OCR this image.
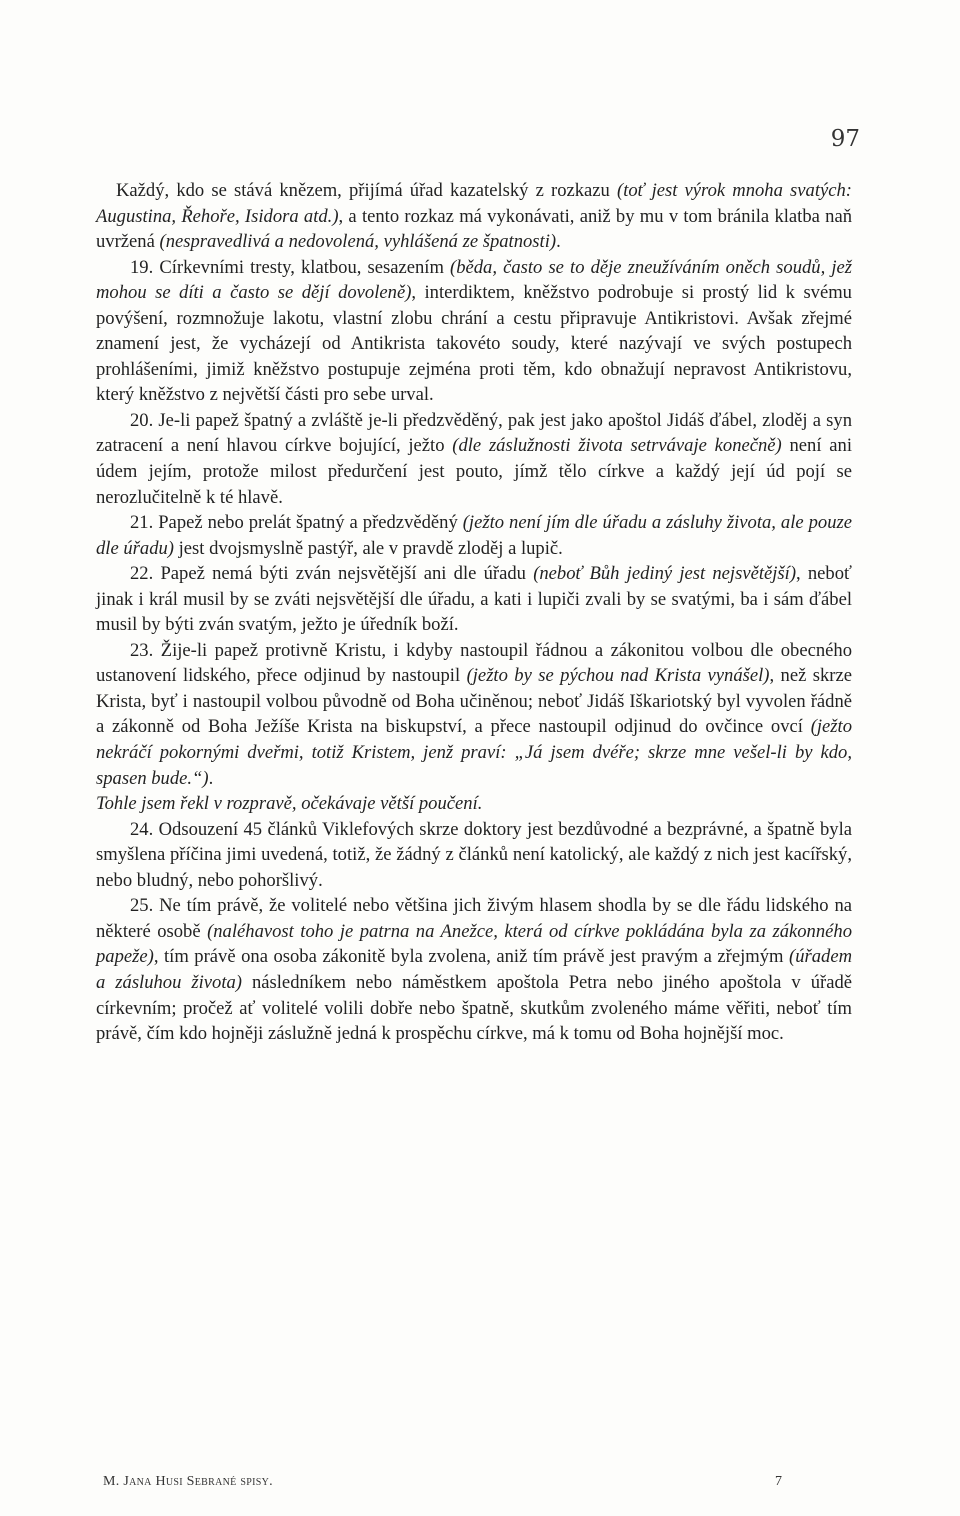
97

Každý, kdo se stává knězem, přijímá úřad kazatelský z rozkazu (toť jest výrok mnoha svatých: Augustina, Řehoře, Isidora atd.), a tento rozkaz má vykonávati, aniž by mu v tom bránila klatba naň uvržená (nespravedlivá a nedovolená, vyhlášená ze špatnosti).

19. Církevními tresty, klatbou, sesazením (běda, často se to děje zneužíváním oněch soudů, jež mohou se díti a často se dějí dovoleně), interdiktem, kněžstvo podrobuje si prostý lid k svému povýšení, rozmnožuje lakotu, vlastní zlobu chrání a cestu připravuje Antikristovi. Avšak zřejmé znamení jest, že vycházejí od Antikrista takovéto soudy, které nazývají ve svých postupech prohlášeními, jimiž kněžstvo postupuje zejména proti těm, kdo obnažují nepravost Antikristovu, který kněžstvo z největší části pro sebe urval.

20. Je-li papež špatný a zvláště je-li předzvěděný, pak jest jako apoštol Jidáš ďábel, zloděj a syn zatracení a není hlavou církve bojující, ježto (dle záslužnosti života setrvávaje konečně) není ani údem jejím, protože milost předurčení jest pouto, jímž tělo církve a každý její úd pojí se nerozlučitelně k té hlavě.

21. Papež nebo prelát špatný a předzvěděný (ježto není jím dle úřadu a zásluhy života, ale pouze dle úřadu) jest dvojsmyslně pastýř, ale v pravdě zloděj a lupič.

22. Papež nemá býti zván nejsvětější ani dle úřadu (neboť Bůh jediný jest nejsvětější), neboť jinak i král musil by se zváti nejsvětější dle úřadu, a kati i lupiči zvali by se svatými, ba i sám ďábel musil by býti zván svatým, ježto je úředník boží.

23. Žije-li papež protivně Kristu, i kdyby nastoupil řádnou a zákonitou volbou dle obecného ustanovení lidského, přece odjinud by nastoupil (ježto by se pýchou nad Krista vynášel), než skrze Krista, byť i nastoupil volbou původně od Boha učiněnou; neboť Jidáš Iškariotský byl vyvolen řádně a zákonně od Boha Ježíše Krista na biskupství, a přece nastoupil odjinud do ovčince ovcí (ježto nekráčí pokornými dveřmi, totiž Kristem, jenž praví: „Já jsem dvéře; skrze mne vešel-li by kdo, spasen bude.“).

Tohle jsem řekl v rozpravě, očekávaje větší poučení.

24. Odsouzení 45 článků Viklefových skrze doktory jest bezdůvodné a bezprávné, a špatně byla smyšlena příčina jimi uvedená, totiž, že žádný z článků není katolický, ale každý z nich jest kacířský, nebo bludný, nebo pohoršlivý.

25. Ne tím právě, že volitelé nebo většina jich živým hlasem shodla by se dle řádu lidského na některé osobě (naléhavost toho je patrna na Anežce, která od církve pokládána byla za zákonného papeže), tím právě ona osoba zákonitě byla zvolena, aniž tím právě jest pravým a zřejmým (úřadem a zásluhou života) následníkem nebo náměstkem apoštola Petra nebo jiného apoštola v úřadě církevním; pročež ať volitelé volili dobře nebo špatně, skutkům zvoleného máme věřiti, neboť tím právě, čím kdo hojněji záslužně jedná k prospěchu církve, má k tomu od Boha hojnější moc.

M. Jana Husi Sebrané spisy.	7
